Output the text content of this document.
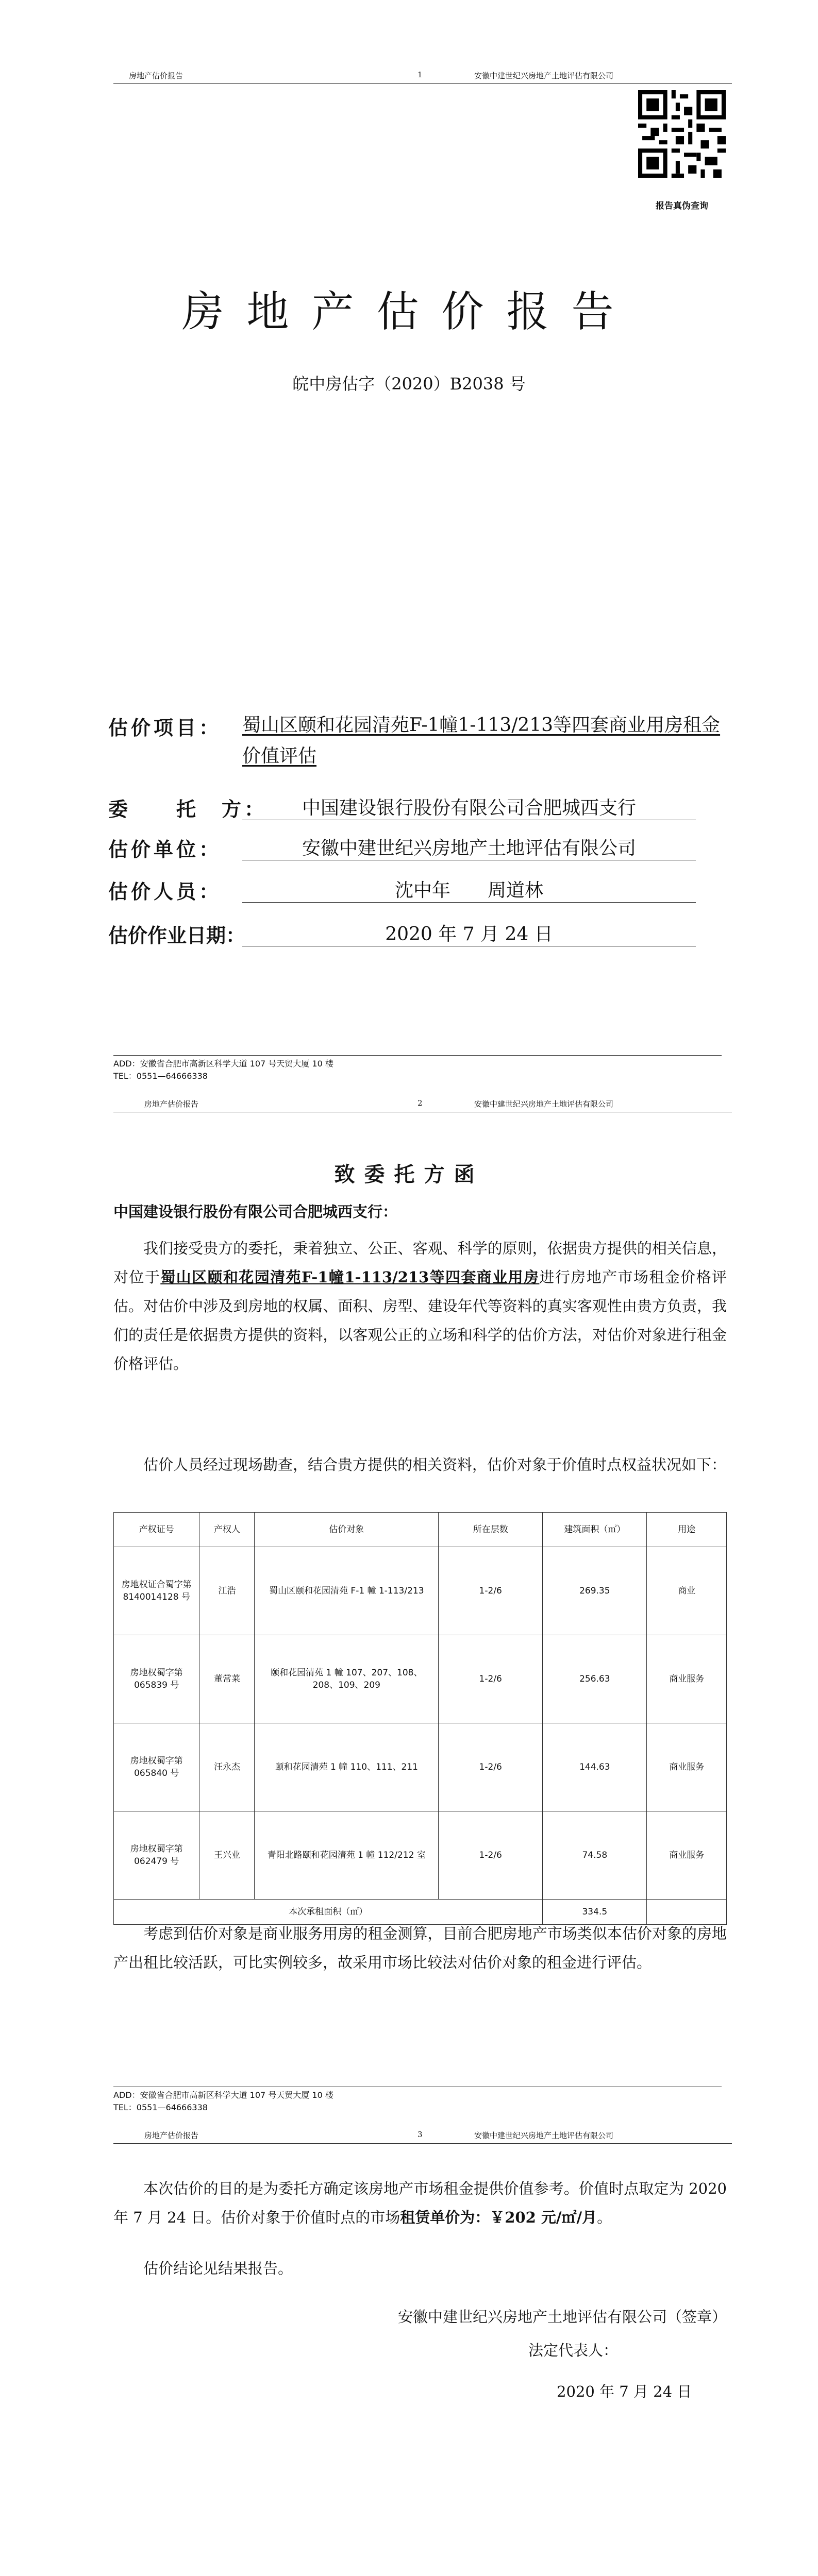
房地产估价报告	1	安徽中建世纪兴房地产土地评估有限公司
报告真伪查询
房地产估价报告
皖中房估字（2020）B2038 号
估价项目： 蜀山区颐和花园清苑F-1幢1-113/213等四套商业用房租金价值评估
委　　托　方：	中国建设银行股份有限公司合肥城西支行
估价单位：	安徽中建世纪兴房地产土地评估有限公司
估价人员：	沈中年　　周道林
估价作业日期：	2020 年 7 月 24 日
ADD：安徽省合肥市高新区科学大道 107 号天贸大厦 10 楼
TEL：0551—64666338
房地产估价报告	2	安徽中建世纪兴房地产土地评估有限公司
致委托方函
中国建设银行股份有限公司合肥城西支行：
我们接受贵方的委托，秉着独立、公正、客观、科学的原则，依据贵方提供的相关信息，对位于蜀山区颐和花园清苑F-1幢1-113/213等四套商业用房进行房地产市场租金价格评估。对估价中涉及到房地的权属、面积、房型、建设年代等资料的真实客观性由贵方负责，我们的责任是依据贵方提供的资料，以客观公正的立场和科学的估价方法，对估价对象进行租金价格评估。
估价人员经过现场勘查，结合贵方提供的相关资料，估价对象于价值时点权益状况如下：
产权证号	产权人	估价对象	所在层数	建筑面积（㎡）	用途
房地权证合蜀字第 8140014128 号	江浩	蜀山区颐和花园清苑 F-1 幢 1-113/213	1-2/6	269.35	商业
房地权蜀字第 065839 号	董常莱	颐和花园清苑 1 幢 107、207、108、208、109、209	1-2/6	256.63	商业服务
房地权蜀字第 065840 号	汪永杰	颐和花园清苑 1 幢 110、111、211	1-2/6	144.63	商业服务
房地权蜀字第 062479 号	王兴业	青阳北路颐和花园清苑 1 幢 112/212 室	1-2/6	74.58	商业服务
本次承租面积（㎡）				334.5	
考虑到估价对象是商业服务用房的租金测算，目前合肥房地产市场类似本估价对象的房地产出租比较活跃，可比实例较多，故采用市场比较法对估价对象的租金进行评估。
ADD：安徽省合肥市高新区科学大道 107 号天贸大厦 10 楼
TEL：0551—64666338
房地产估价报告	3	安徽中建世纪兴房地产土地评估有限公司
本次估价的目的是为委托方确定该房地产市场租金提供价值参考。价值时点取定为 2020 年 7 月 24 日。估价对象于价值时点的市场租赁单价为：￥202 元/㎡/月。
估价结论见结果报告。
安徽中建世纪兴房地产土地评估有限公司（签章）
法定代表人：
2020 年 7 月 24 日
